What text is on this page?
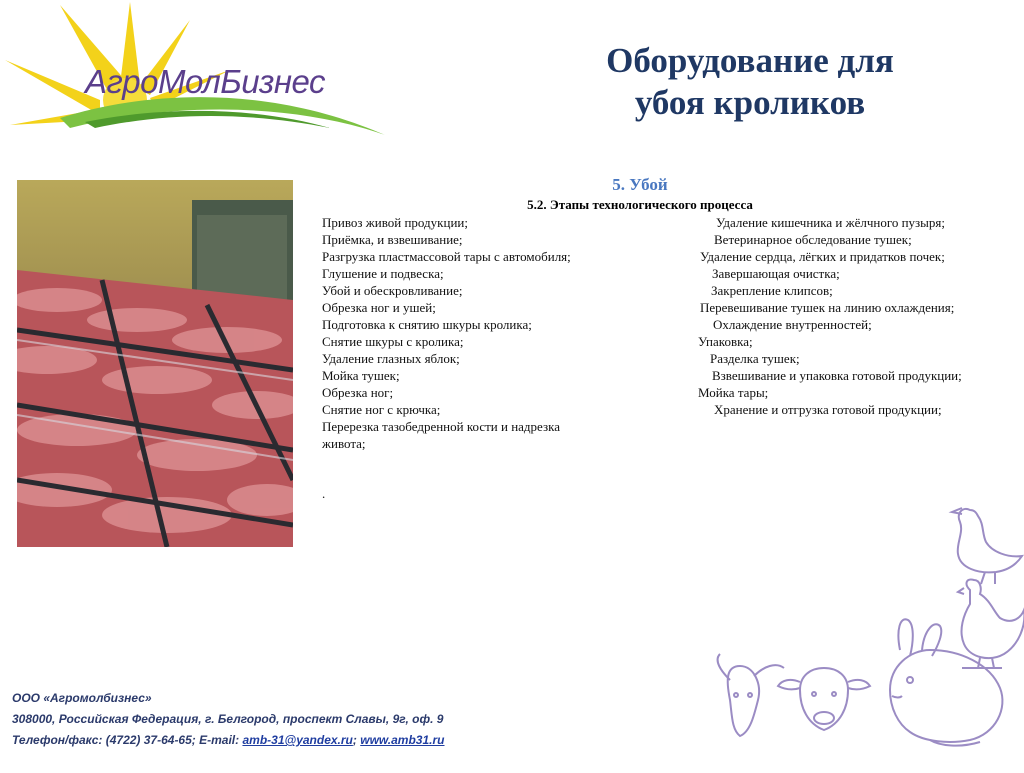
АгроМолБизнес
Оборудование для
убоя кроликов
5. Убой
5.2. Этапы технологического процесса
Привоз живой продукции;
Приёмка, и взвешивание;
Разгрузка пластмассовой тары с автомобиля;
Глушение и подвеска;
Убой и обескровливание;
Обрезка ног и ушей;
Подготовка к снятию шкуры кролика;
Снятие шкуры с кролика;
Удаление глазных яблок;
Мойка тушек;
Обрезка ног;
Снятие ног с крючка;
Перерезка тазобедренной кости и надрезка живота;
Удаление кишечника и жёлчного пузыря;
Ветеринарное обследование тушек;
Удаление сердца, лёгких и придатков почек;
Завершающая очистка;
Закрепление клипсов;
Перевешивание тушек на линию охлаждения;
Охлаждение внутренностей;
Упаковка;
Разделка тушек;
Взвешивание и упаковка готовой продукции;
Мойка тары;
Хранение и отгрузка готовой продукции;
.
ООО «Агромолбизнес»
308000, Российская Федерация, г. Белгород, проспект Славы, 9г, оф. 9
Телефон/факс: (4722) 37-64-65; E-mail: amb-31@yandex.ru; www.amb31.ru
